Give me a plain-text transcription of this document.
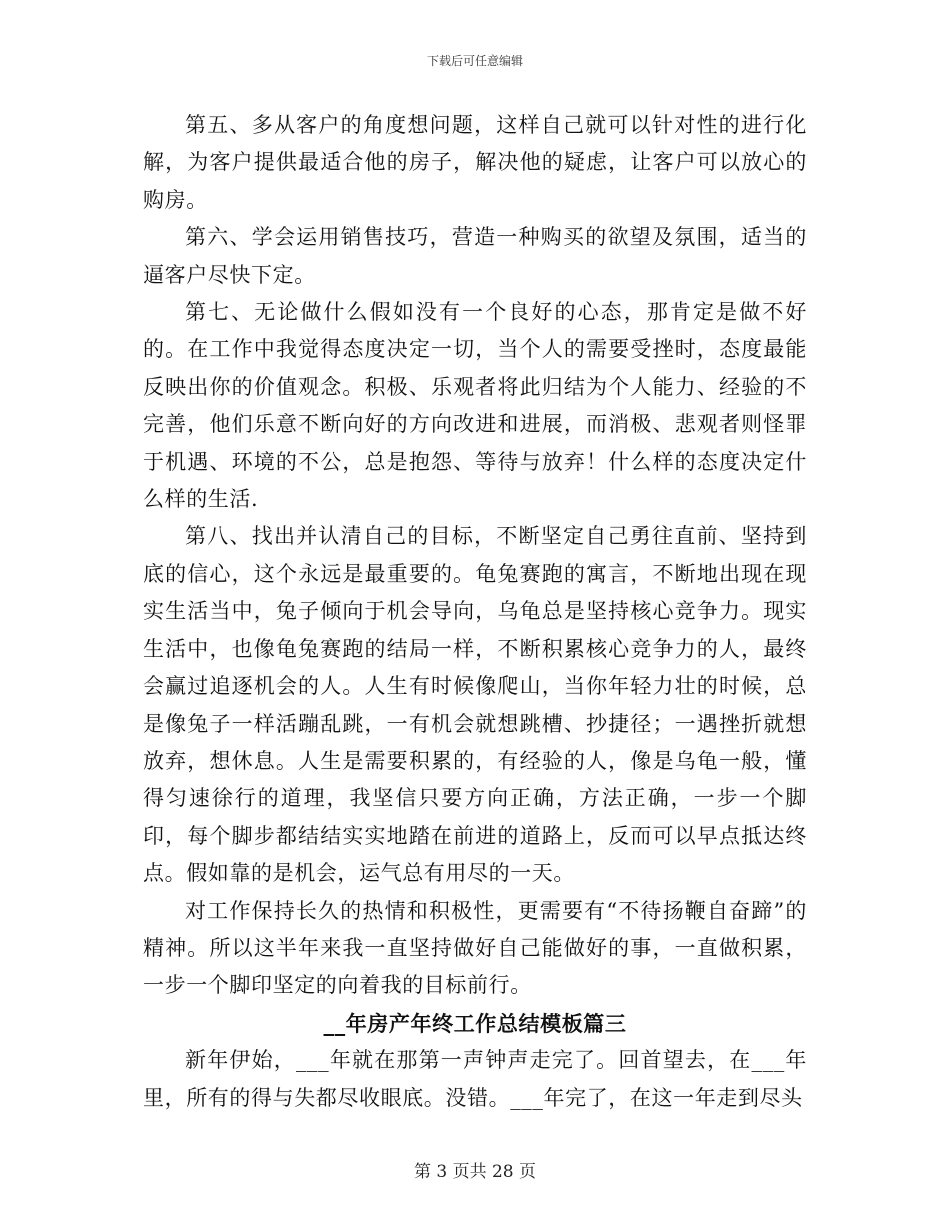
下载后可任意编辑

第五、多从客户的角度想问题，这样自己就可以针对性的进行化解，为客户提供最适合他的房子，解决他的疑虑，让客户可以放心的购房。

第六、学会运用销售技巧，营造一种购买的欲望及氛围，适当的逼客户尽快下定。

第七、无论做什么假如没有一个良好的心态，那肯定是做不好的。在工作中我觉得态度决定一切，当个人的需要受挫时，态度最能反映出你的价值观念。积极、乐观者将此归结为个人能力、经验的不完善，他们乐意不断向好的方向改进和进展，而消极、悲观者则怪罪于机遇、环境的不公，总是抱怨、等待与放弃！什么样的态度决定什么样的生活.

第八、找出并认清自己的目标，不断坚定自己勇往直前、坚持到底的信心，这个永远是最重要的。龟兔赛跑的寓言，不断地出现在现实生活当中，兔子倾向于机会导向，乌龟总是坚持核心竞争力。现实生活中，也像龟兔赛跑的结局一样，不断积累核心竞争力的人，最终会赢过追逐机会的人。人生有时候像爬山，当你年轻力壮的时候，总是像兔子一样活蹦乱跳，一有机会就想跳槽、抄捷径；一遇挫折就想放弃，想休息。人生是需要积累的，有经验的人，像是乌龟一般，懂得匀速徐行的道理，我坚信只要方向正确，方法正确，一步一个脚印，每个脚步都结结实实地踏在前进的道路上，反而可以早点抵达终点。假如靠的是机会，运气总有用尽的一天。

对工作保持长久的热情和积极性，更需要有“不待扬鞭自奋蹄”的精神。所以这半年来我一直坚持做好自己能做好的事，一直做积累，一步一个脚印坚定的向着我的目标前行。

__年房产年终工作总结模板篇三

新年伊始，___年就在那第一声钟声走完了。回首望去，在___年里，所有的得与失都尽收眼底。没错。___年完了，在这一年走到尽头

第 3 页共 28 页
